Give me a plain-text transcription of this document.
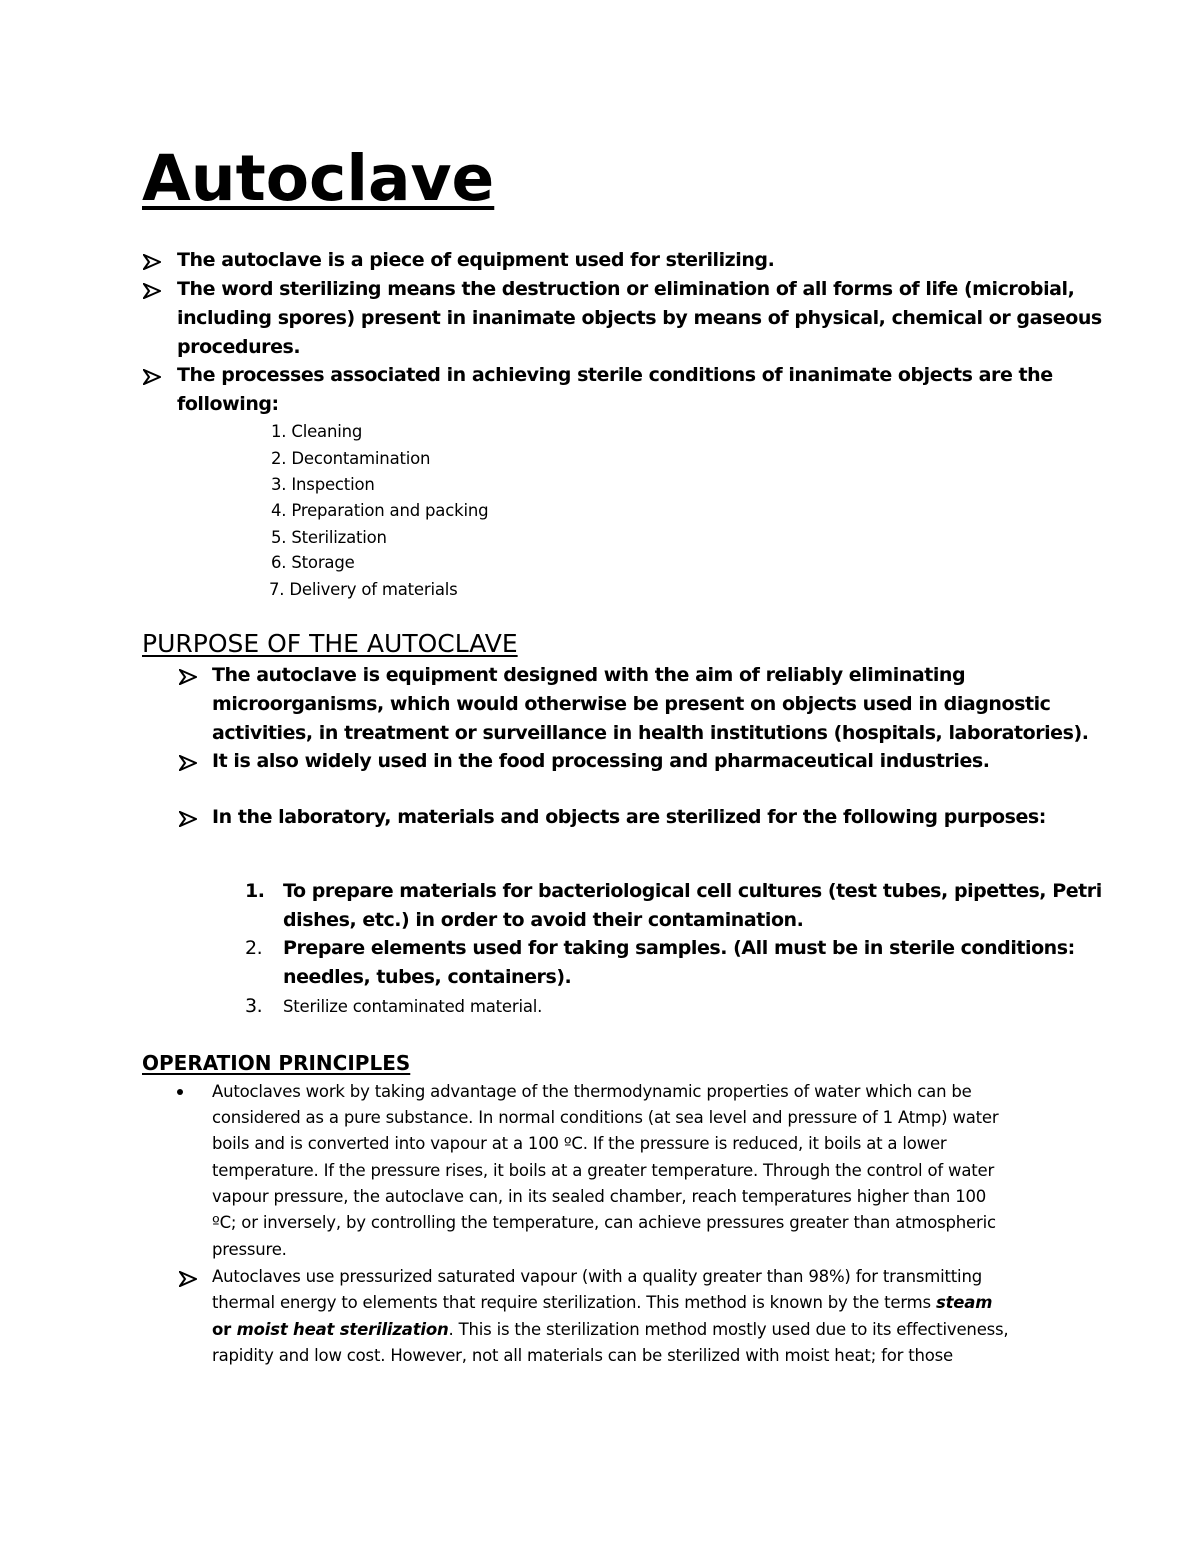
Autoclave
The autoclave is a piece of equipment used for sterilizing.
The word sterilizing means the destruction or elimination of all forms of life (microbial,
including spores) present in inanimate objects by means of physical, chemical or gaseous
procedures.
The processes associated in achieving sterile conditions of inanimate objects are the
following:
1. Cleaning
2. Decontamination
3. Inspection
4. Preparation and packing
5. Sterilization
6. Storage
7. Delivery of materials
PURPOSE OF THE AUTOCLAVE
The autoclave is equipment designed with the aim of reliably eliminating
microorganisms, which would otherwise be present on objects used in diagnostic
activities, in treatment or surveillance in health institutions (hospitals, laboratories).
It is also widely used in the food processing and pharmaceutical industries.
In the laboratory, materials and objects are sterilized for the following purposes:
1. To prepare materials for bacteriological cell cultures (test tubes, pipettes, Petri
dishes, etc.) in order to avoid their contamination.
2. Prepare elements used for taking samples. (All must be in sterile conditions:
needles, tubes, containers).
3. Sterilize contaminated material.
OPERATION PRINCIPLES
Autoclaves work by taking advantage of the thermodynamic properties of water which can be
considered as a pure substance. In normal conditions (at sea level and pressure of 1 Atmp) water
boils and is converted into vapour at a 100 ºC. If the pressure is reduced, it boils at a lower
temperature. If the pressure rises, it boils at a greater temperature. Through the control of water
vapour pressure, the autoclave can, in its sealed chamber, reach temperatures higher than 100
ºC; or inversely, by controlling the temperature, can achieve pressures greater than atmospheric
pressure.
Autoclaves use pressurized saturated vapour (with a quality greater than 98%) for transmitting
thermal energy to elements that require sterilization. This method is known by the terms steam
or moist heat sterilization. This is the sterilization method mostly used due to its effectiveness,
rapidity and low cost. However, not all materials can be sterilized with moist heat; for those
